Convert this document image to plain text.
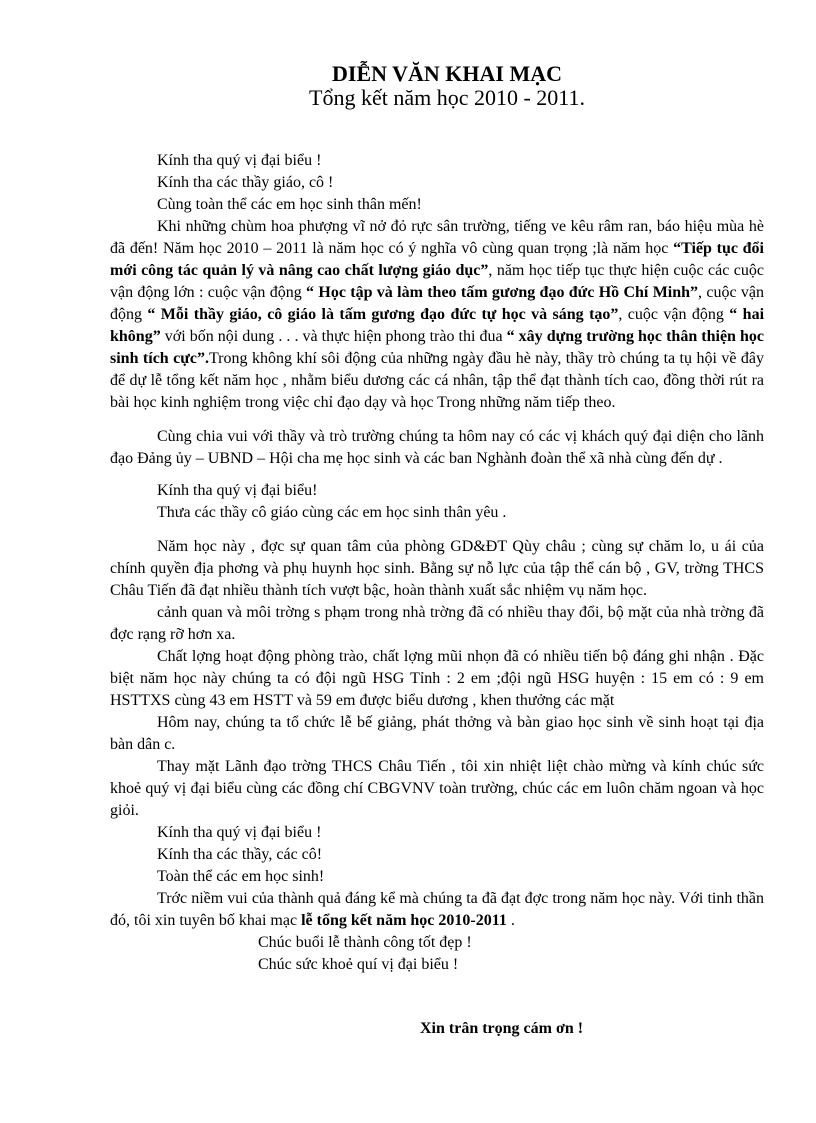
DIỄN VĂN KHAI MẠC

Tổng kết năm học 2010 - 2011.

Kính tha quý vị đại biểu !

Kính tha các thầy giáo, cô !

Cùng toàn thể các em học sinh thân mến!

Khi những chùm hoa phượng vĩ nở đỏ rực sân trường, tiếng ve kêu râm ran, báo hiệu mùa hè đã đến! Năm học 2010 – 2011 là năm học có ý nghĩa vô cùng quan trọng ;là năm học “Tiếp tục đổi mới công tác quản lý và nâng cao chất lượng giáo dục”, năm học tiếp tục thực hiện cuộc các cuộc vận động lớn : cuộc vận động “ Học tập và làm theo tấm gương đạo đức Hồ Chí Minh”, cuộc vận động “ Mỗi thầy giáo, cô giáo là tấm gương đạo đức tự học và sáng tạo”, cuộc vận động “ hai không” với bốn nội dung . . . và thực hiện phong trào thi đua “ xây dựng trường học thân thiện học sinh tích cực”.Trong không khí sôi động của những ngày đầu hè này, thầy trò chúng ta tụ hội về đây để dự lễ tổng kết năm học , nhằm biểu dương các cá nhân, tập thể đạt thành tích cao, đồng thời rút ra bài học kinh nghiệm trong việc chỉ đạo dạy và học Trong những năm tiếp theo.

Cùng chia vui với thầy và trò trường chúng ta hôm nay có các vị khách quý đại diện cho lãnh đạo Đảng ủy – UBND – Hội cha mẹ học sinh và các ban Nghành đoàn thể xã nhà cùng đến dự .

Kính tha quý vị đại biểu!

Thưa các thầy cô giáo cùng các em học sinh thân yêu .

Năm học này , đợc sự quan tâm của phòng GD&ĐT Qùy châu ; cùng sự chăm lo, u ái của chính quyền địa phơng và phụ huynh học sinh. Bằng sự nỗ lực của tập thể cán bộ , GV, trờng THCS Châu Tiến đã đạt nhiều thành tích vượt bậc, hoàn thành xuất sắc nhiệm vụ năm học.

cảnh quan và môi trờng s phạm trong nhà trờng đã có nhiều thay đổi, bộ mặt của nhà trờng đã đợc rạng rỡ hơn xa.

Chất lợng hoạt động phòng trào, chất lợng mũi nhọn đã có nhiều tiến bộ đáng ghi nhận . Đặc biệt năm học này chúng ta có đội ngũ HSG Tỉnh : 2 em ;đội ngũ HSG huyện : 15 em có : 9 em HSTTXS cùng 43 em HSTT và 59 em được biểu dương , khen thưởng các mặt

Hôm nay, chúng ta tổ chức lễ bế giảng, phát thởng và bàn giao học sinh về sinh hoạt tại địa bàn dân c.

Thay mặt Lãnh đạo trờng THCS Châu Tiến , tôi xin nhiệt liệt chào mừng và kính chúc sức khoẻ quý vị đại biểu cùng các đồng chí CBGVNV toàn trường, chúc các em luôn chăm ngoan và học giỏi.

Kính tha quý vị đại biểu !

Kính tha các thầy, các cô!

Toàn thể các em học sinh!

Trớc niềm vui của thành quả đáng kể mà chúng ta đã đạt đợc trong năm học này. Với tinh thần đó, tôi xin tuyên bố khai mạc lễ tổng kết năm học 2010-2011 .

Chúc buổi lễ thành công tốt đẹp !

Chúc sức khoẻ quí vị đại biểu !

Xin trân trọng cám ơn !
